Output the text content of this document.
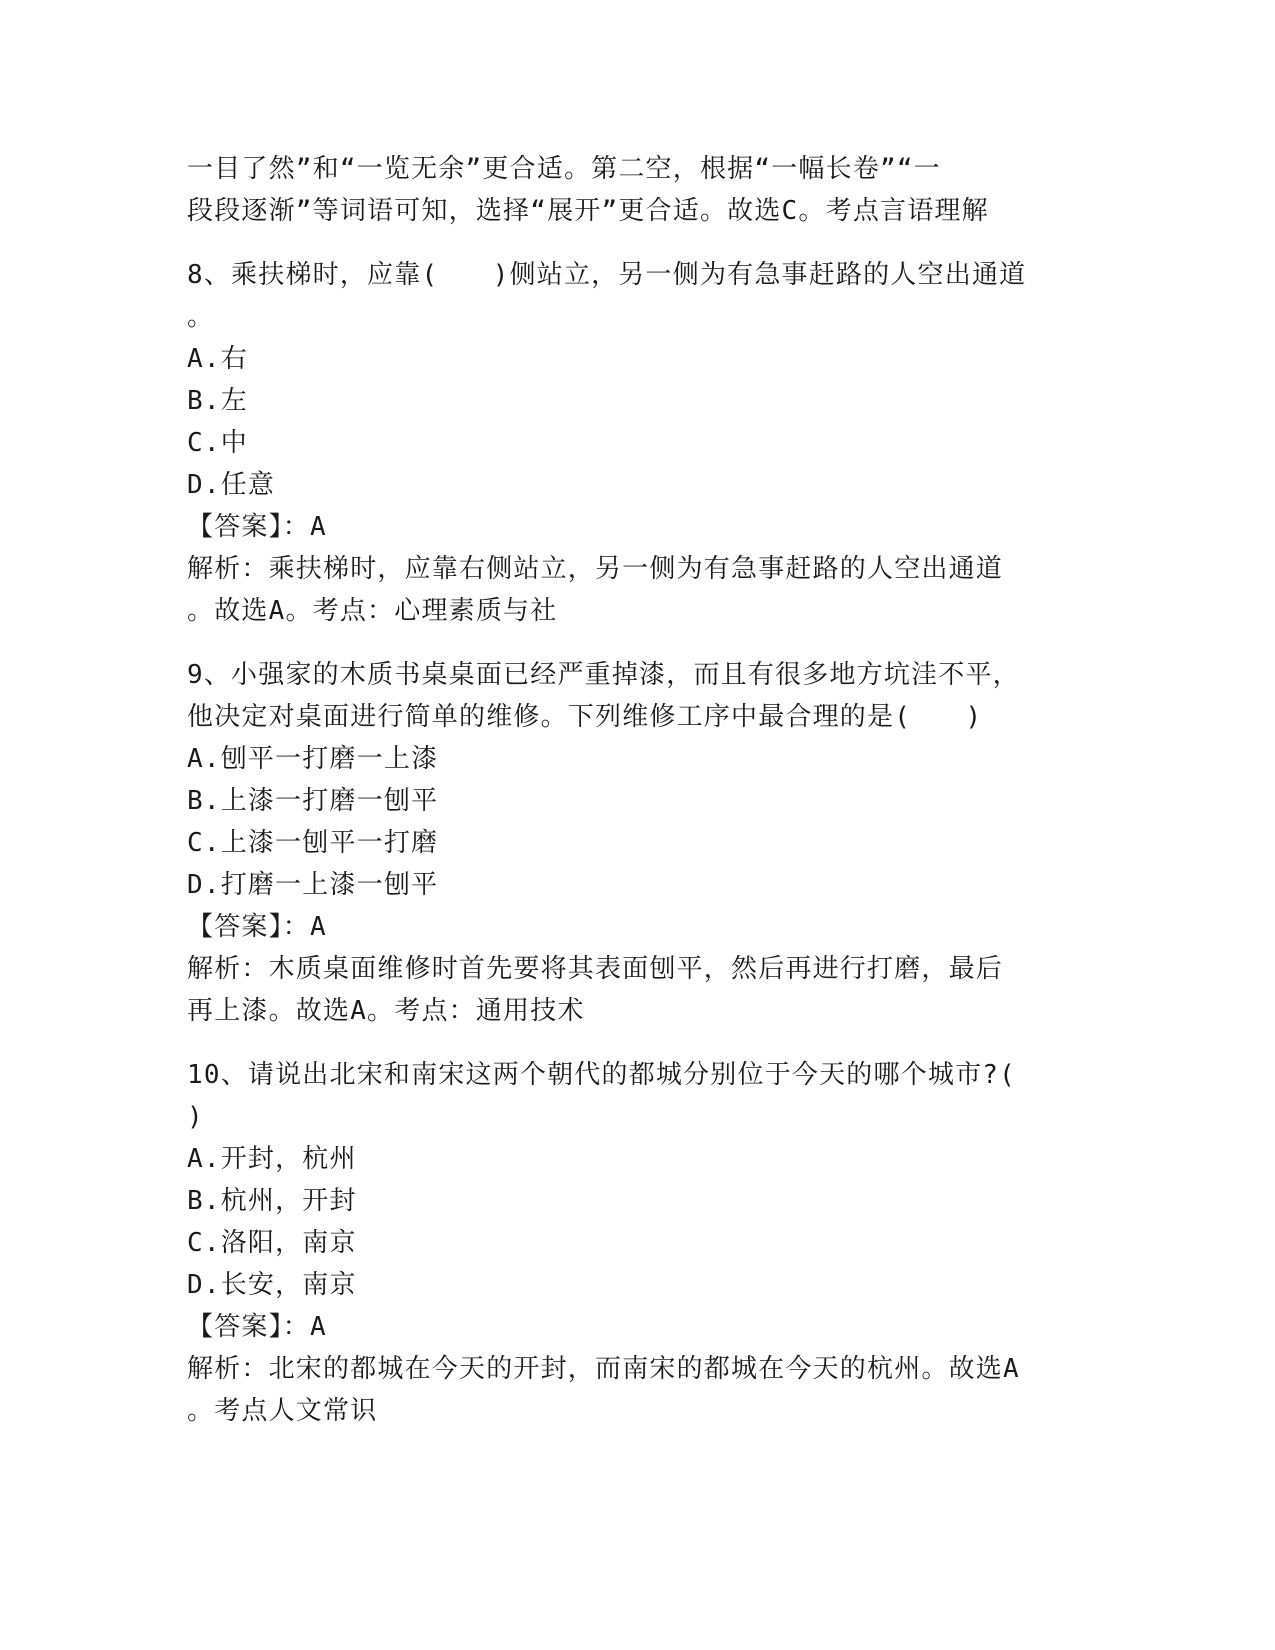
一目了然”和“一览无余”更合适。第二空，根据“一幅长卷”“一
段段逐渐”等词语可知，选择“展开”更合适。故选C。考点言语理解
8、乘扶梯时，应靠(　　)侧站立，另一侧为有急事赶路的人空出通道
。
A.右
B.左
C.中
D.任意
【答案】：A
解析：乘扶梯时，应靠右侧站立，另一侧为有急事赶路的人空出通道
。故选A。考点：心理素质与社
9、小强家的木质书桌桌面已经严重掉漆，而且有很多地方坑洼不平，
他决定对桌面进行简单的维修。下列维修工序中最合理的是(　　)
A.刨平一打磨一上漆
B.上漆一打磨一刨平
C.上漆一刨平一打磨
D.打磨一上漆一刨平
【答案】：A
解析：木质桌面维修时首先要将其表面刨平，然后再进行打磨，最后
再上漆。故选A。考点：通用技术
10、请说出北宋和南宋这两个朝代的都城分别位于今天的哪个城市?(
)
A.开封，杭州
B.杭州，开封
C.洛阳，南京
D.长安，南京
【答案】：A
解析：北宋的都城在今天的开封，而南宋的都城在今天的杭州。故选A
。考点人文常识
